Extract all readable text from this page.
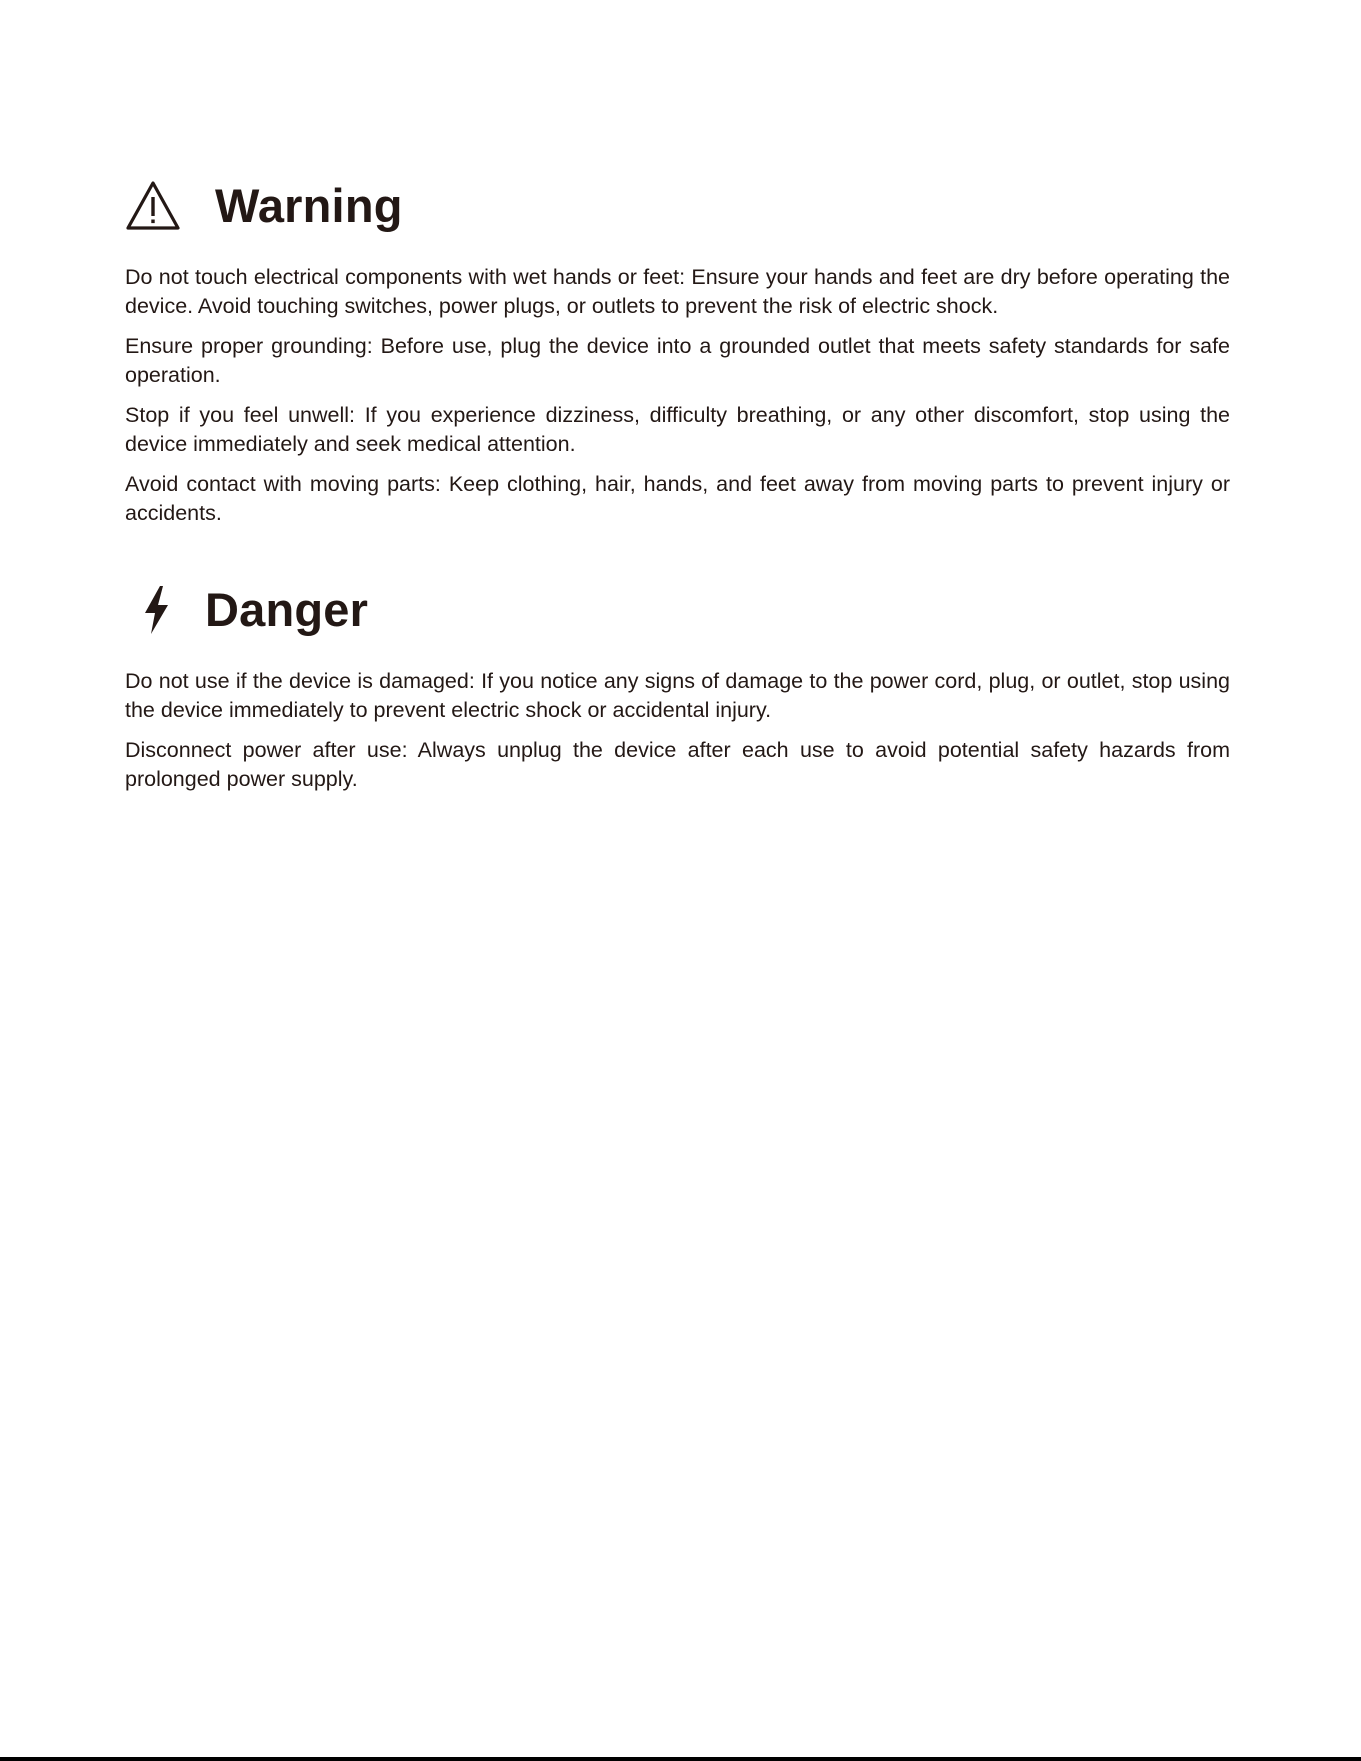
Warning

Do not touch electrical components with wet hands or feet: Ensure your hands and feet are dry before operating the device. Avoid touching switches, power plugs, or outlets to prevent the risk of electric shock.

Ensure proper grounding: Before use, plug the device into a grounded outlet that meets safety standards for safe operation.

Stop if you feel unwell: If you experience dizziness, difficulty breathing, or any other discomfort, stop using the device immediately and seek medical attention.

Avoid contact with moving parts: Keep clothing, hair, hands, and feet away from moving parts to prevent injury or accidents.

Danger

Do not use if the device is damaged: If you notice any signs of damage to the power cord, plug, or outlet, stop using the device immediately to prevent electric shock or accidental injury.

Disconnect power after use: Always unplug the device after each use to avoid potential safety hazards from prolonged power supply.
